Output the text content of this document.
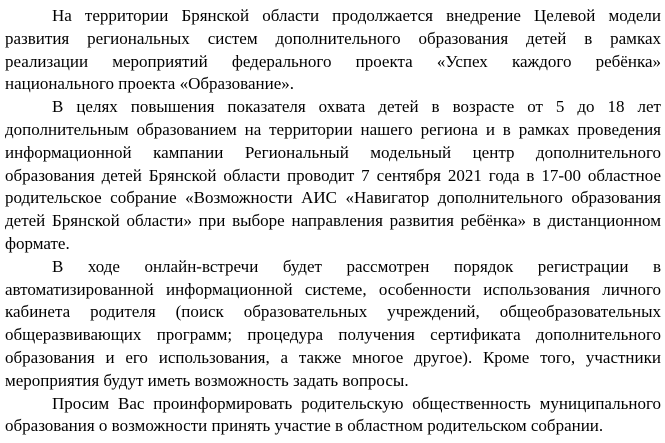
На территории Брянской области продолжается внедрение Целевой модели
развития региональных систем дополнительного образования детей в рамках
реализации мероприятий федерального проекта «Успех каждого ребёнка»
национального проекта «Образование».
В целях повышения показателя охвата детей в возрасте от 5 до 18 лет
дополнительным образованием на территории нашего региона и в рамках проведения
информационной кампании Региональный модельный центр дополнительного
образования детей Брянской области проводит 7 сентября 2021 года в 17-00 областное
родительское собрание «Возможности АИС «Навигатор дополнительного образования
детей Брянской области» при выборе направления развития ребёнка» в дистанционном
формате.
В ходе онлайн-встречи будет рассмотрен порядок регистрации в
автоматизированной информационной системе, особенности использования личного
кабинета родителя (поиск образовательных учреждений, общеобразовательных
общеразвивающих программ; процедура получения сертификата дополнительного
образования и его использования, а также многое другое). Кроме того, участники
мероприятия будут иметь возможность задать вопросы.
Просим Вас проинформировать родительскую общественность муниципального
образования о возможности принять участие в областном родительском собрании.
